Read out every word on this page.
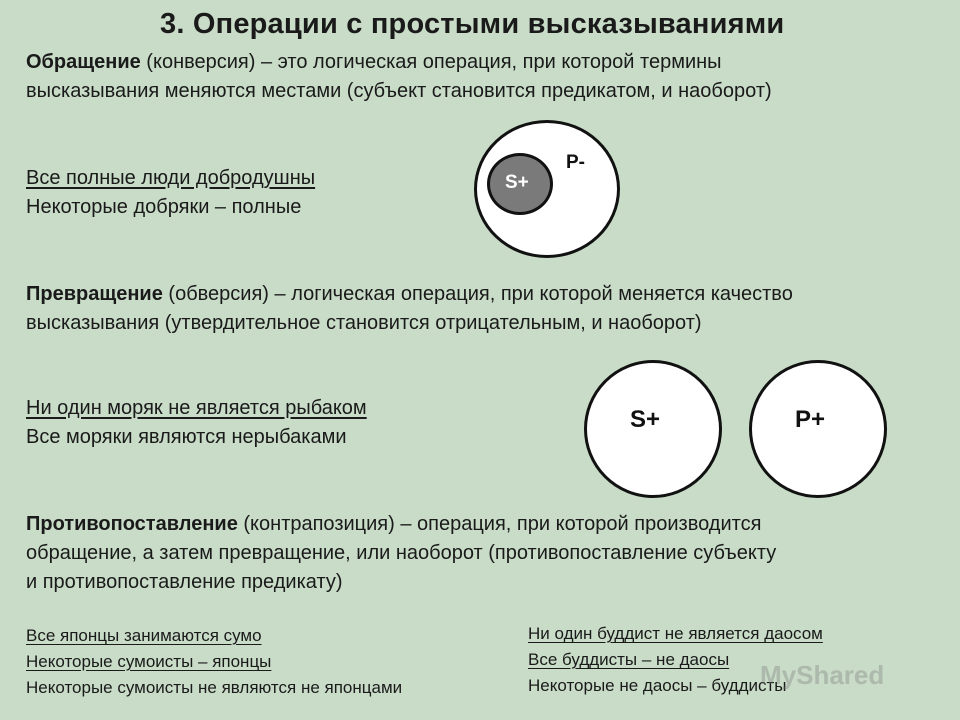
3. Операции с простыми высказываниями
Обращение (конверсия) – это логическая операция, при которой термины высказывания меняются местами (субъект становится предикатом, и наоборот)
Все полные люди добродушны
Некоторые добряки – полные
S+
P-
Превращение (обверсия) – логическая операция, при которой меняется качество высказывания (утвердительное становится отрицательным, и наоборот)
Ни один моряк не является рыбаком
Все моряки являются нерыбаками
S+	P+
Противопоставление (контрапозиция) – операция, при которой производится обращение, а затем превращение, или наоборот (противопоставление субъекту и противопоставление предикату)
Все японцы занимаются сумо
Некоторые сумоисты – японцы
Некоторые сумоисты не являются не японцами
Ни один буддист не является даосом
Все буддисты – не даосы
Некоторые не даосы – буддисты
MyShared
